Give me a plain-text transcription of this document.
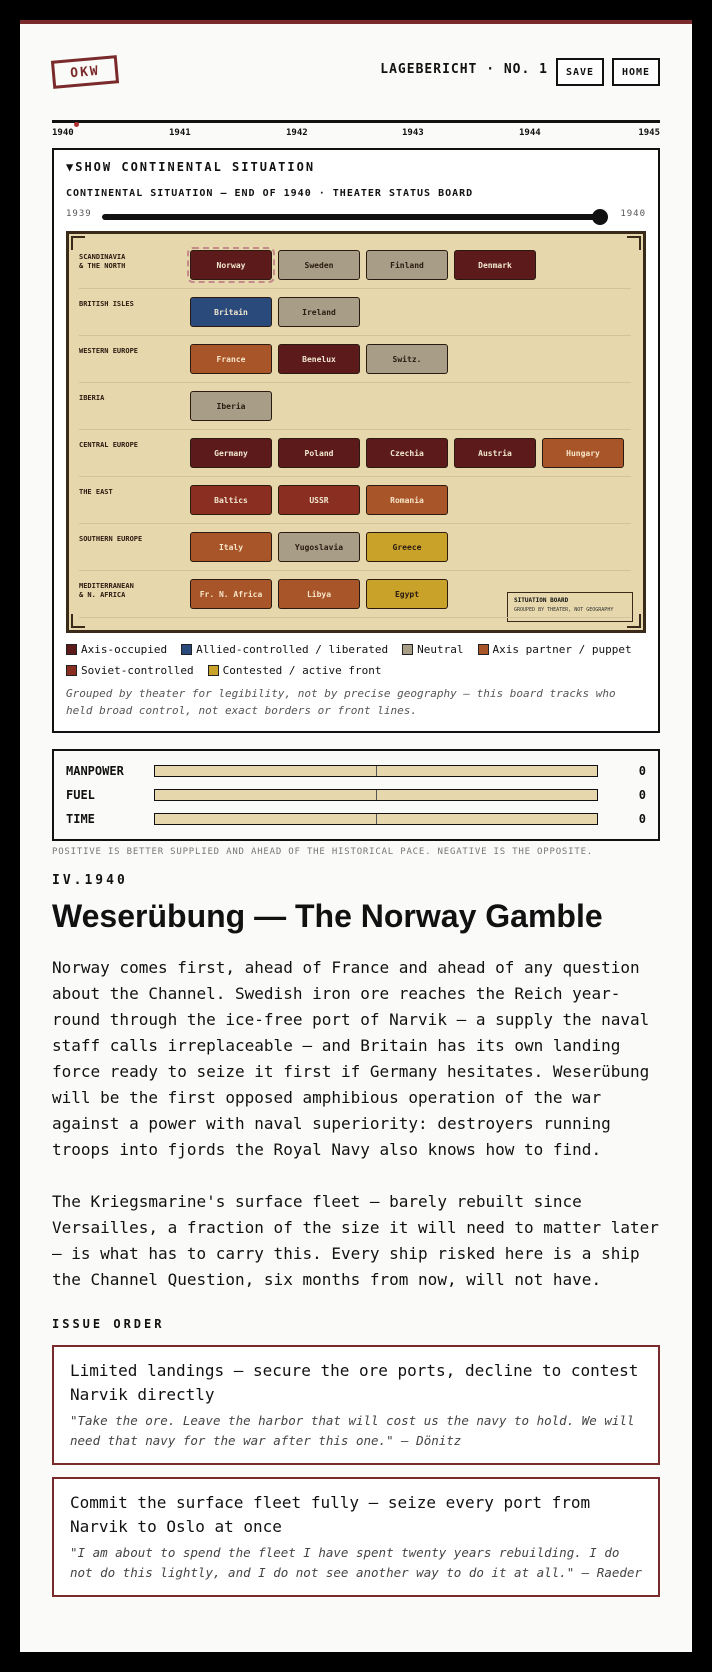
OKW	LAGEBERICHT · NO. 1	SAVE	HOME
1940	1941	1942	1943	1944	1945
▼SHOW CONTINENTAL SITUATION
CONTINENTAL SITUATION — END OF 1940 · THEATER STATUS BOARD
1939	1940
SITUATION BOARD
GROUPED BY THEATER, NOT GEOGRAPHY
SCANDINAVIA
& THE NORTH	Norway	Sweden	Finland	Denmark
BRITISH ISLES
Britain	Ireland
WESTERN EUROPE
France	Benelux	Switz.
IBERIA
Iberia
CENTRAL EUROPE
Germany	Poland	Czechia	Austria	Hungary
THE EAST
Baltics	USSR	Romania
SOUTHERN EUROPE
Italy	Yugoslavia	Greece
MEDITERRANEAN
& N. AFRICA	Fr. N. Africa	Libya	Egypt
Axis-occupied	Allied-controlled / liberated	Neutral	Axis partner / puppet
Soviet-controlled	Contested / active front
Grouped by theater for legibility, not by precise geography — this board tracks who held broad control, not exact borders or front lines.
MANPOWER	0
FUEL	0
TIME	0
POSITIVE IS BETTER SUPPLIED AND AHEAD OF THE HISTORICAL PACE. NEGATIVE IS THE OPPOSITE.
IV.1940
Weserübung — The Norway Gamble
Norway comes first, ahead of France and ahead of any question about the Channel. Swedish iron ore reaches the Reich year-round through the ice-free port of Narvik — a supply the naval staff calls irreplaceable — and Britain has its own landing force ready to seize it first if Germany hesitates. Weserübung will be the first opposed amphibious operation of the war against a power with naval superiority: destroyers running troops into fjords the Royal Navy also knows how to find.
The Kriegsmarine's surface fleet — barely rebuilt since Versailles, a fraction of the size it will need to matter later — is what has to carry this. Every ship risked here is a ship the Channel Question, six months from now, will not have.
ISSUE ORDER
Limited landings — secure the ore ports, decline to contest Narvik directly
"Take the ore. Leave the harbor that will cost us the navy to hold. We will need that navy for the war after this one." — Dönitz
Commit the surface fleet fully — seize every port from Narvik to Oslo at once
"I am about to spend the fleet I have spent twenty years rebuilding. I do not do this lightly, and I do not see another way to do it at all." — Raeder
